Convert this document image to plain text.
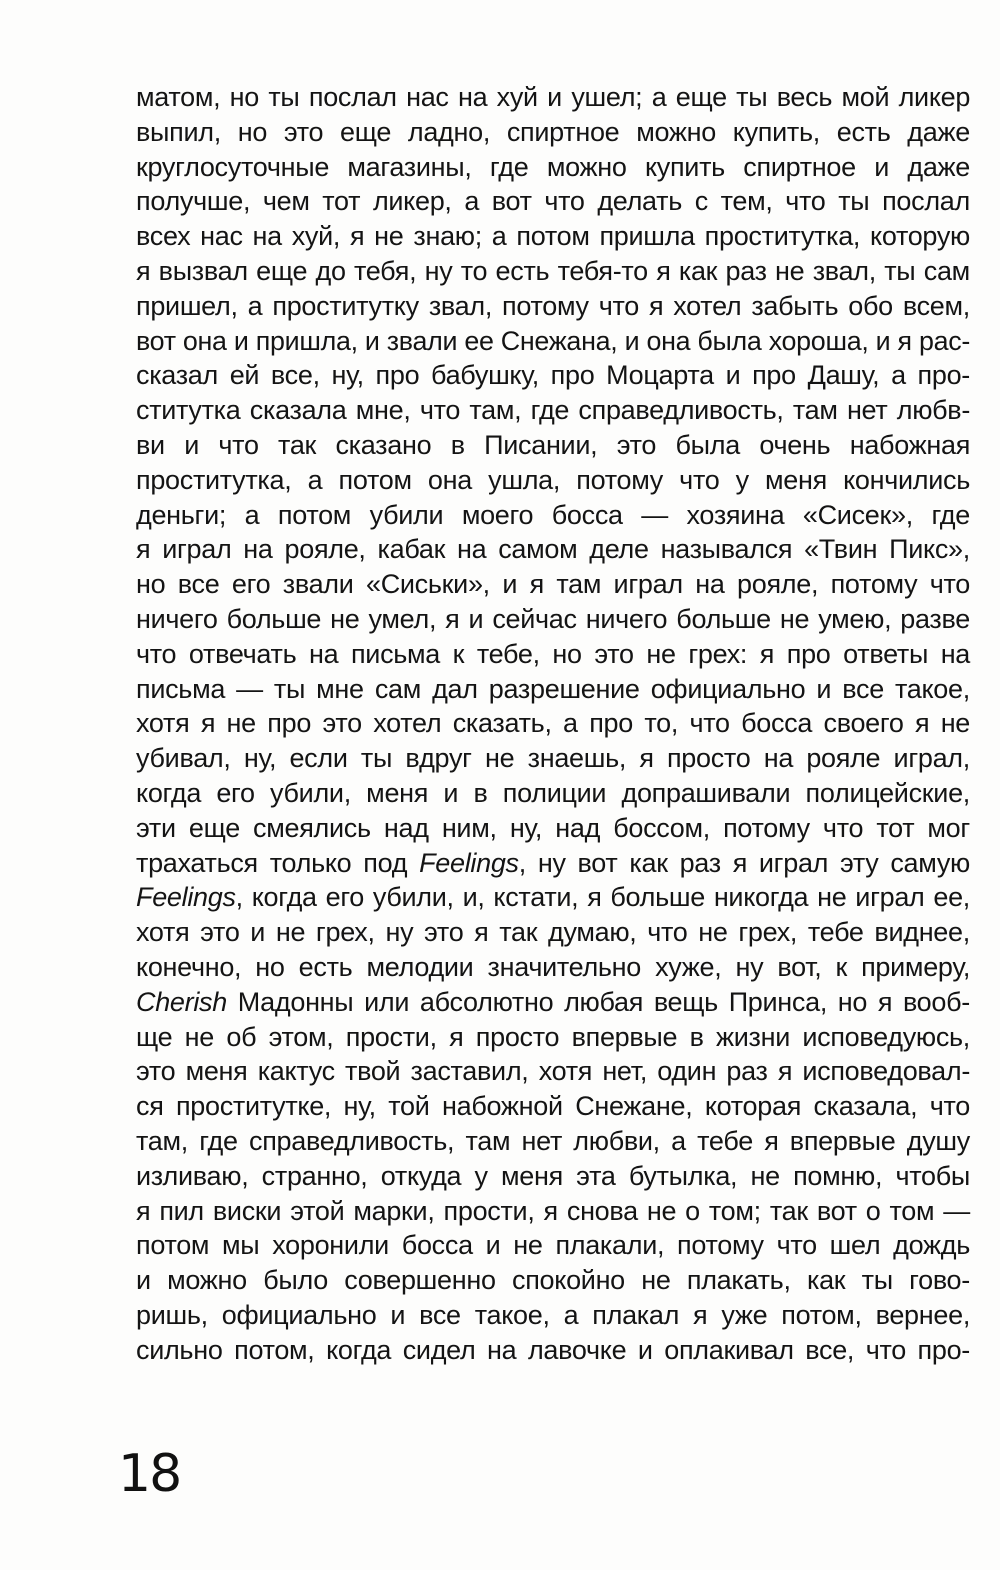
матом, но ты послал нас на хуй и ушел; а еще ты весь мой ликер
выпил, но это еще ладно, спиртное можно купить, есть даже
круглосуточные магазины, где можно купить спиртное и даже
получше, чем тот ликер, а вот что делать с тем, что ты послал
всех нас на хуй, я не знаю; а потом пришла проститутка, которую
я вызвал еще до тебя, ну то есть тебя-то я как раз не звал, ты сам
пришел, а проститутку звал, потому что я хотел забыть обо всем,
вот она и пришла, и звали ее Снежана, и она была хороша, и я рас-
сказал ей все, ну, про бабушку, про Моцарта и про Дашу, а про-
ститутка сказала мне, что там, где справедливость, там нет любв-
ви и что так сказано в Писании, это была очень набожная
проститутка, а потом она ушла, потому что у меня кончились
деньги; а потом убили моего босса — хозяина «Сисек», где
я играл на рояле, кабак на самом деле назывался «Твин Пикс»,
но все его звали «Сиськи», и я там играл на рояле, потому что
ничего больше не умел, я и сейчас ничего больше не умею, разве
что отвечать на письма к тебе, но это не грех: я про ответы на
письма — ты мне сам дал разрешение официально и все такое,
хотя я не про это хотел сказать, а про то, что босса своего я не
убивал, ну, если ты вдруг не знаешь, я просто на рояле играл,
когда его убили, меня и в полиции допрашивали полицейские,
эти еще смеялись над ним, ну, над боссом, потому что тот мог
трахаться только под Feelings, ну вот как раз я играл эту самую
Feelings, когда его убили, и, кстати, я больше никогда не играл ее,
хотя это и не грех, ну это я так думаю, что не грех, тебе виднее,
конечно, но есть мелодии значительно хуже, ну вот, к примеру,
Cherish Мадонны или абсолютно любая вещь Принса, но я вооб-
ще не об этом, прости, я просто впервые в жизни исповедуюсь,
это меня кактус твой заставил, хотя нет, один раз я исповедовал-
ся проститутке, ну, той набожной Снежане, которая сказала, что
там, где справедливость, там нет любви, а тебе я впервые душу
изливаю, странно, откуда у меня эта бутылка, не помню, чтобы
я пил виски этой марки, прости, я снова не о том; так вот о том —
потом мы хоронили босса и не плакали, потому что шел дождь
и можно было совершенно спокойно не плакать, как ты гово-
ришь, официально и все такое, а плакал я уже потом, вернее,
сильно потом, когда сидел на лавочке и оплакивал все, что про-
18
